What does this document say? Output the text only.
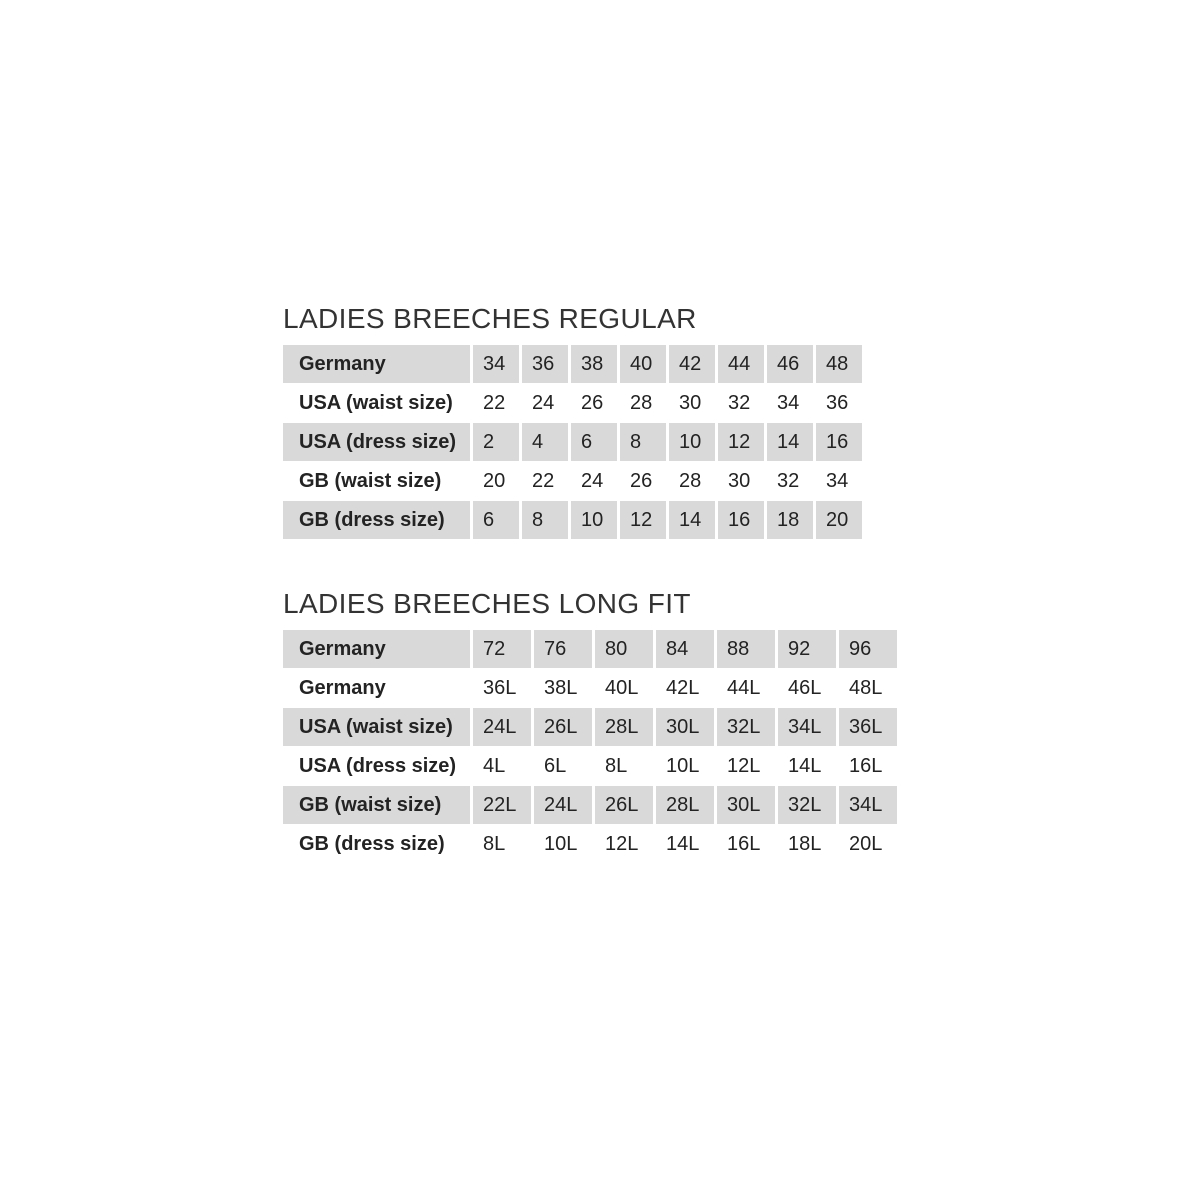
LADIES BREECHES REGULAR
Germany	34	36	38	40	42	44	46	48
USA (waist size)	22	24	26	28	30	32	34	36
USA (dress size)	2	4	6	8	10	12	14	16
GB (waist size)	20	22	24	26	28	30	32	34
GB (dress size)	6	8	10	12	14	16	18	20
LADIES BREECHES LONG FIT
Germany	72	76	80	84	88	92	96
Germany	36L	38L	40L	42L	44L	46L	48L
USA (waist size)	24L	26L	28L	30L	32L	34L	36L
USA (dress size)	4L	6L	8L	10L	12L	14L	16L
GB (waist size)	22L	24L	26L	28L	30L	32L	34L
GB (dress size)	8L	10L	12L	14L	16L	18L	20L
